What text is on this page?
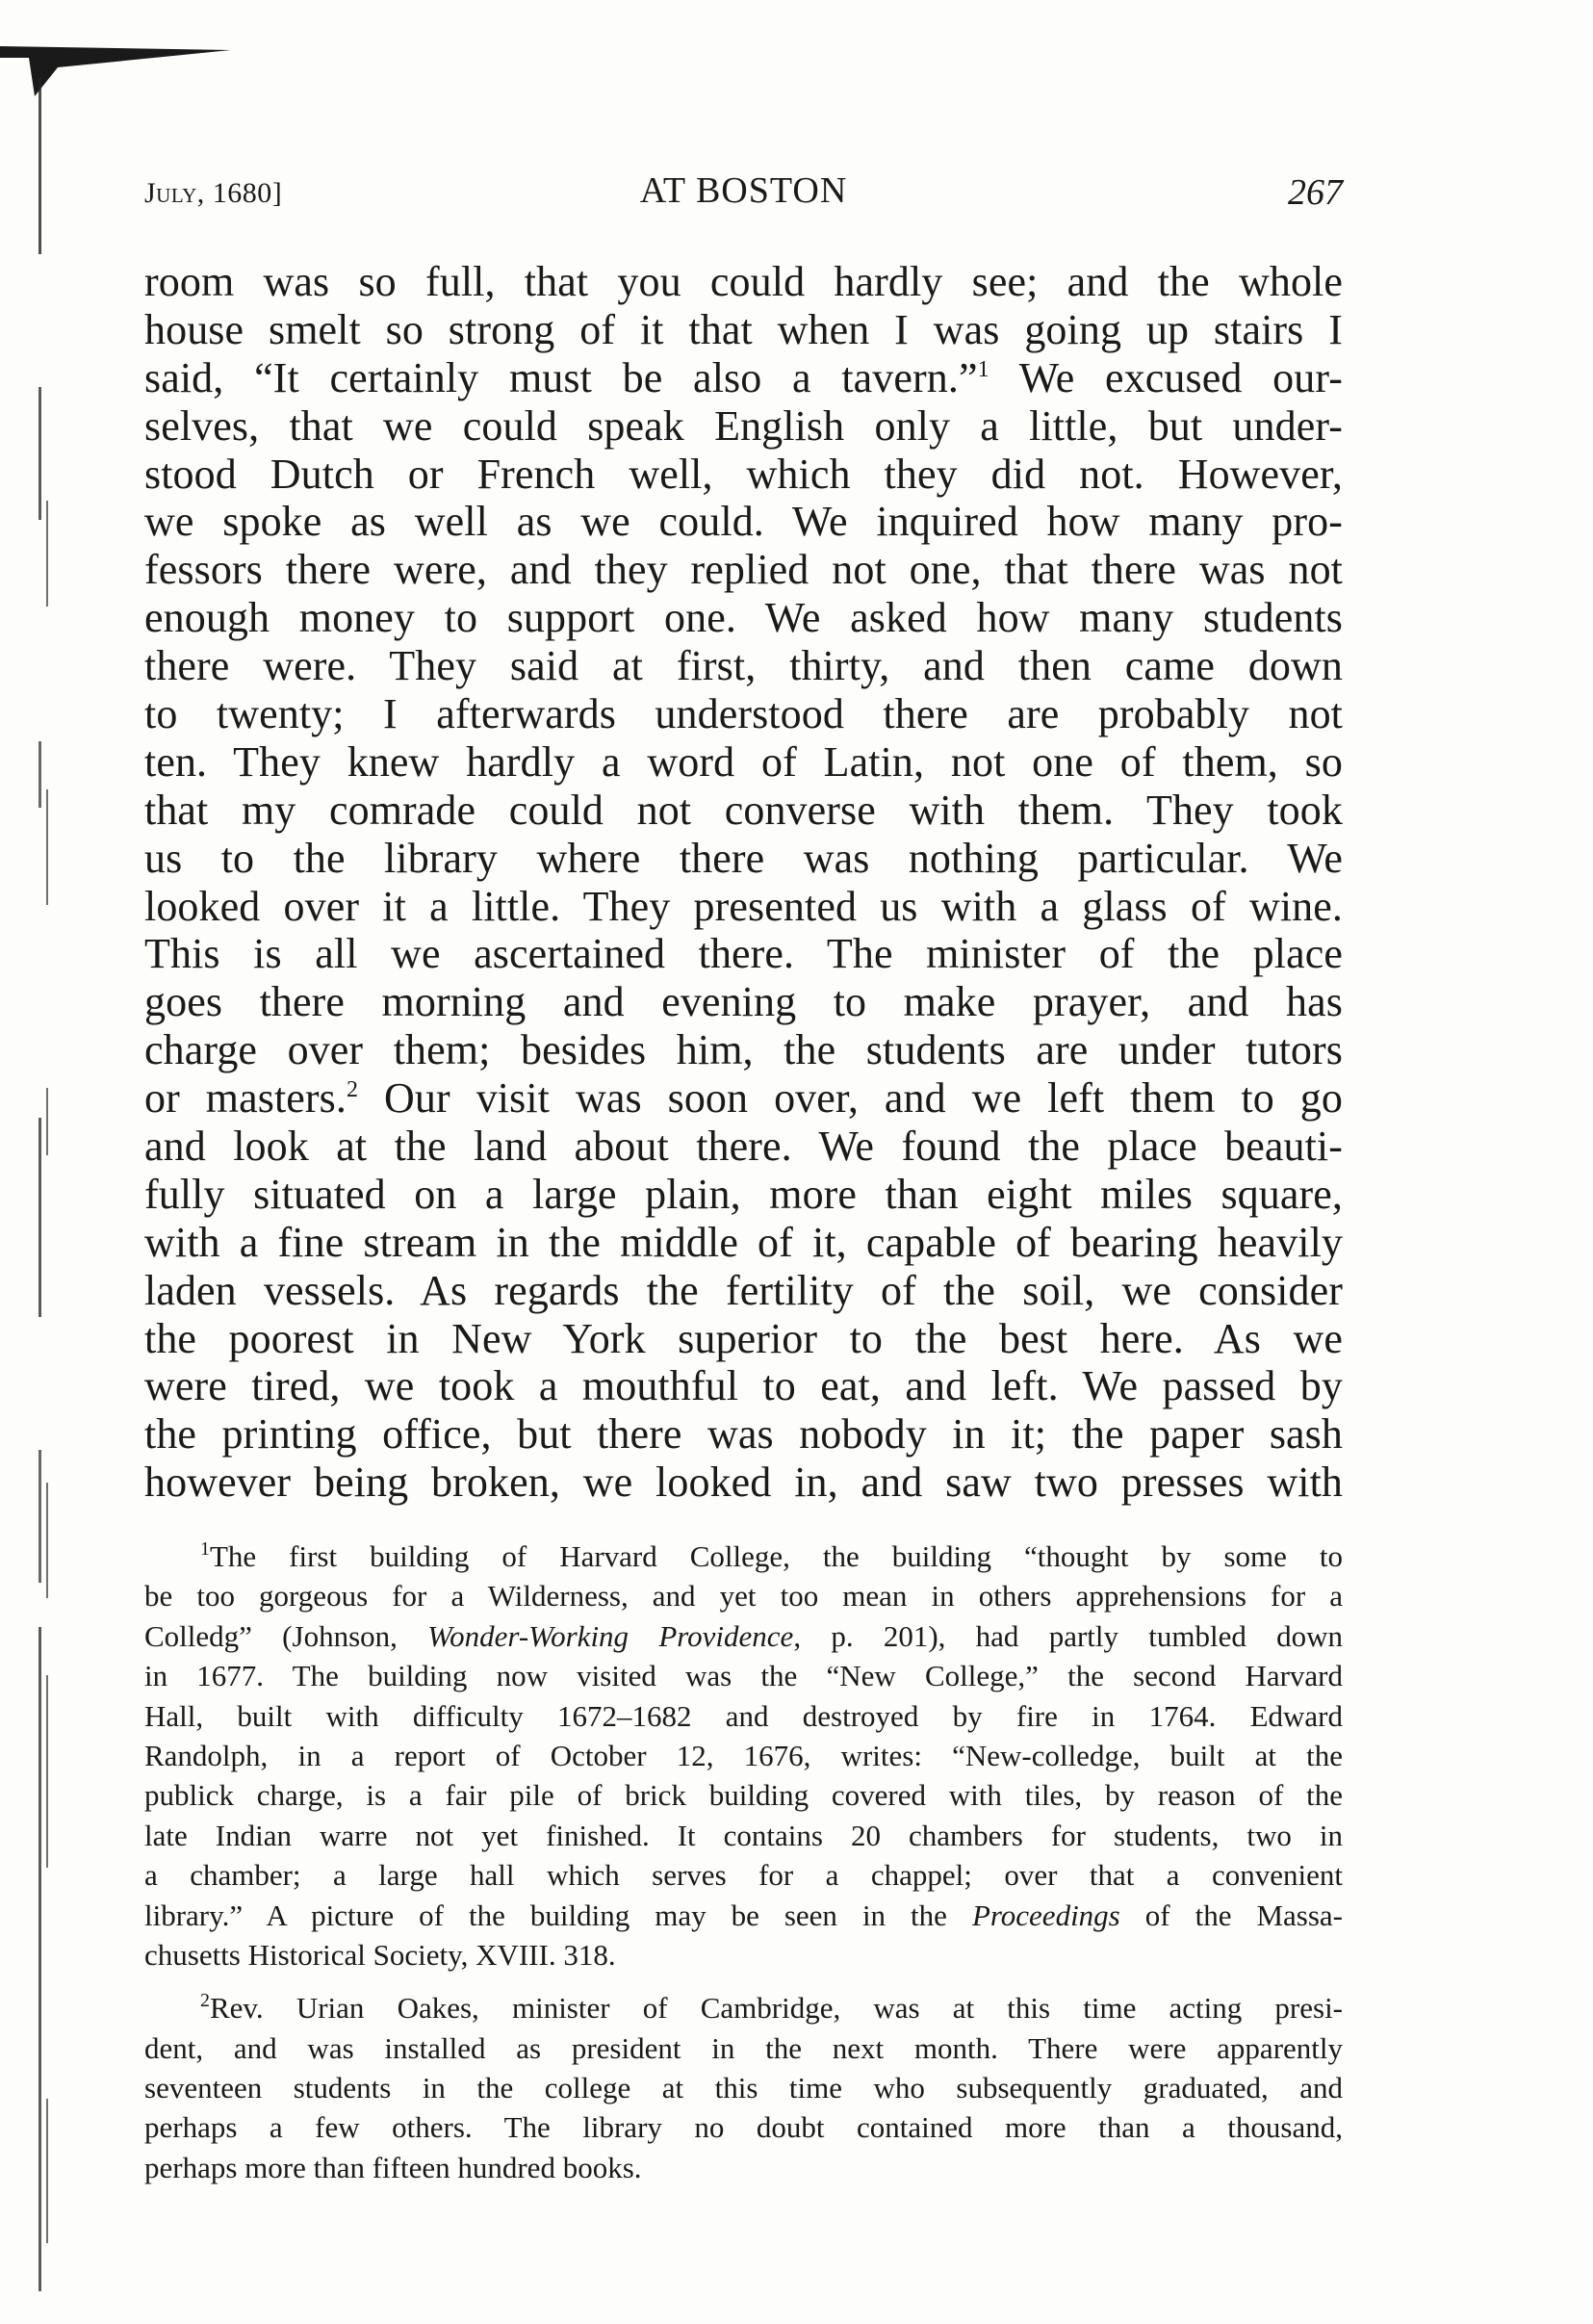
July, 1680]	AT BOSTON	267
room was so full, that you could hardly see; and the whole
house smelt so strong of it that when I was going up stairs I
said, “It certainly must be also a tavern.”$^1$ We excused our-
selves, that we could speak English only a little, but under-
stood Dutch or French well, which they did not. However,
we spoke as well as we could. We inquired how many pro-
fessors there were, and they replied not one, that there was not
enough money to support one. We asked how many students
there were. They said at first, thirty, and then came down
to twenty; I afterwards understood there are probably not
ten. They knew hardly a word of Latin, not one of them, so
that my comrade could not converse with them. They took
us to the library where there was nothing particular. We
looked over it a little. They presented us with a glass of wine.
This is all we ascertained there. The minister of the place
goes there morning and evening to make prayer, and has
charge over them; besides him, the students are under tutors
or masters.$^2$ Our visit was soon over, and we left them to go
and look at the land about there. We found the place beauti-
fully situated on a large plain, more than eight miles square,
with a fine stream in the middle of it, capable of bearing heavily
laden vessels. As regards the fertility of the soil, we consider
the poorest in New York superior to the best here. As we
were tired, we took a mouthful to eat, and left. We passed by
the printing office, but there was nobody in it; the paper sash
however being broken, we looked in, and saw two presses with
$^1$The first building of Harvard College, the building “thought by some to
be too gorgeous for a Wilderness, and yet too mean in others apprehensions for a
Colledg” (Johnson, Wonder-Working Providence, p. 201), had partly tumbled down
in 1677. The building now visited was the “New College,” the second Harvard
Hall, built with difficulty 1672–1682 and destroyed by fire in 1764. Edward
Randolph, in a report of October 12, 1676, writes: “New-colledge, built at the
publick charge, is a fair pile of brick building covered with tiles, by reason of the
late Indian warre not yet finished. It contains 20 chambers for students, two in
a chamber; a large hall which serves for a chappel; over that a convenient
library.” A picture of the building may be seen in the Proceedings of the Massa-
chusetts Historical Society, XVIII. 318.
$^2$Rev. Urian Oakes, minister of Cambridge, was at this time acting presi-
dent, and was installed as president in the next month. There were apparently
seventeen students in the college at this time who subsequently graduated, and
perhaps a few others. The library no doubt contained more than a thousand,
perhaps more than fifteen hundred books.
